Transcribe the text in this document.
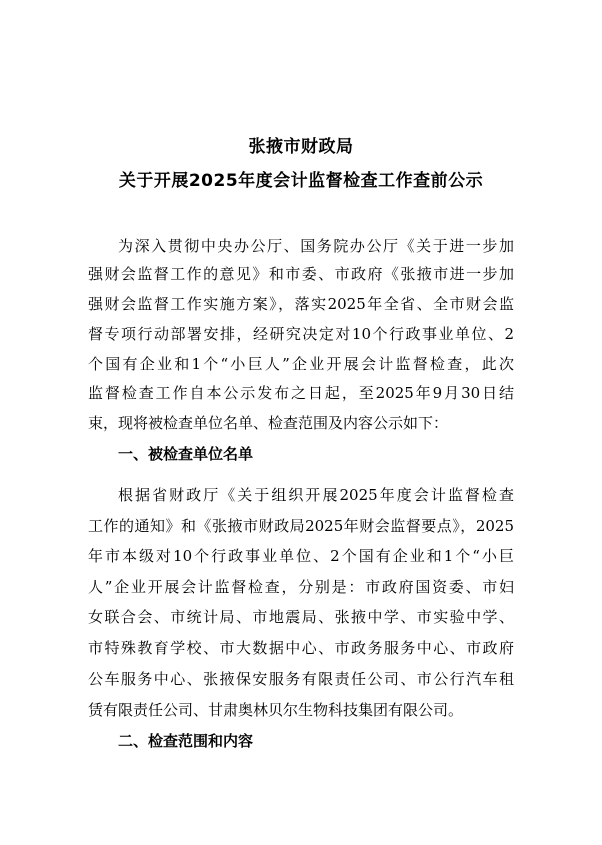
张掖市财政局
关于开展2025年度会计监督检查工作查前公示
为深入贯彻中央办公厅、国务院办公厅《关于进一步加
强财会监督工作的意见》和市委、市政府《张掖市进一步加
强财会监督工作实施方案》，落实2025年全省、全市财会监
督专项行动部署安排，经研究决定对10个行政事业单位、2
个国有企业和1个“小巨人”企业开展会计监督检查，此次
监督检查工作自本公示发布之日起，至2025年9月30日结
束，现将被检查单位名单、检查范围及内容公示如下：
一、被检查单位名单
根据省财政厅《关于组织开展2025年度会计监督检查
工作的通知》和《张掖市财政局2025年财会监督要点》，2025
年市本级对10个行政事业单位、2个国有企业和1个“小巨
人”企业开展会计监督检查，分别是：市政府国资委、市妇
女联合会、市统计局、市地震局、张掖中学、市实验中学、
市特殊教育学校、市大数据中心、市政务服务中心、市政府
公车服务中心、张掖保安服务有限责任公司、市公行汽车租
赁有限责任公司、甘肃奥林贝尔生物科技集团有限公司。
二、检查范围和内容
